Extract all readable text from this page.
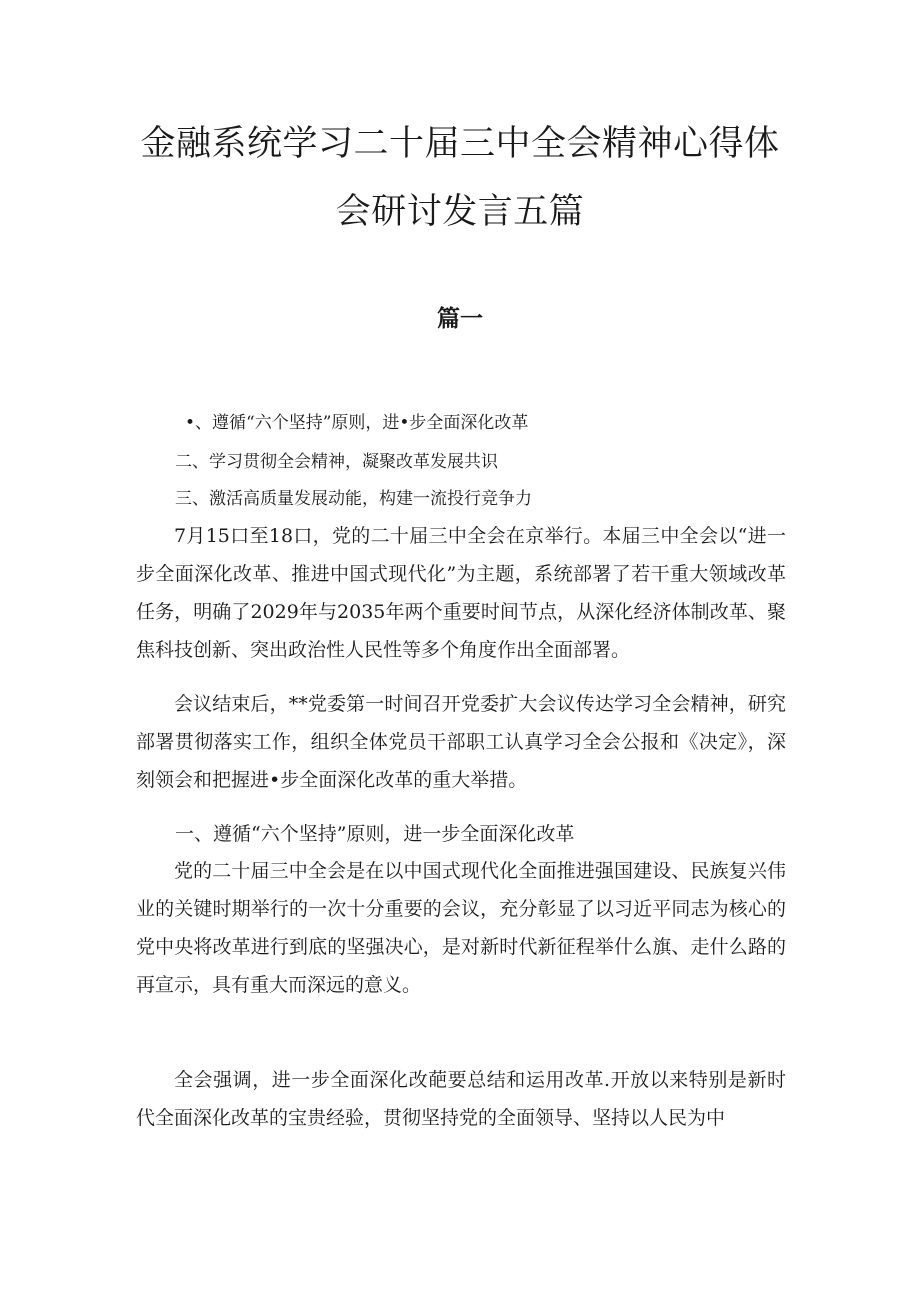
金融系统学习二十届三中全会精神心得体
会研讨发言五篇
篇一

•、遵循“六个坚持”原则，进•步全面深化改革

二、学习贯彻全会精神，凝聚改革发展共识

三、激活高质量发展动能，构建一流投行竞争力

7月15口至18口，党的二十届三中全会在京举行。本届三中全会以“进一步全面深化改革、推进中国式现代化”为主题，系统部署了若干重大领域改革任务，明确了2029年与2035年两个重要时间节点，从深化经济体制改革、聚焦科技创新、突出政治性人民性等多个角度作出全面部署。

会议结束后，**党委第一时间召开党委扩大会议传达学习全会精神，研究部署贯彻落实工作，组织全体党员干部职工认真学习全会公报和《决定》，深刻领会和把握进•步全面深化改革的重大举措。

一、遵循“六个坚持”原则，进一步全面深化改革

党的二十届三中全会是在以中国式现代化全面推进强国建设、民族复兴伟业的关键时期举行的一次十分重要的会议，充分彰显了以习近平同志为核心的党中央将改革进行到底的坚强决心，是对新时代新征程举什么旗、走什么路的再宣示，具有重大而深远的意义。

全会强调，进一步全面深化改葩要总结和运用改革.开放以来特别是新时代全面深化改革的宝贵经验，贯彻坚持党的全面领导、坚持以人民为中
